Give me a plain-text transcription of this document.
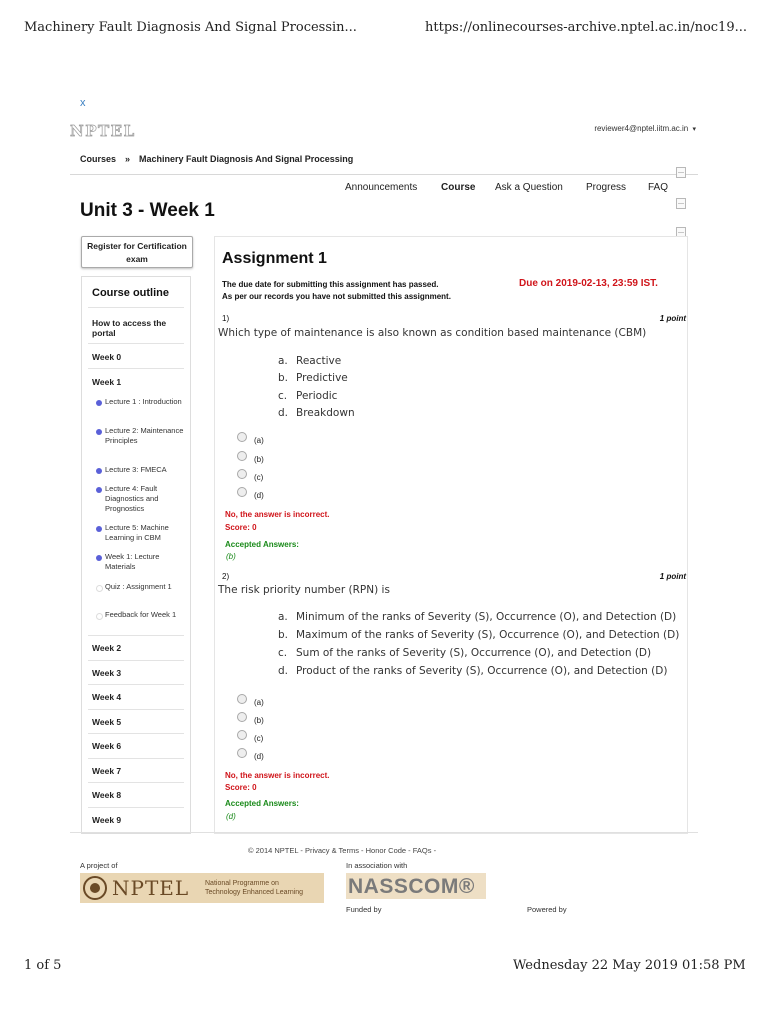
Machinery Fault Diagnosis And Signal Processin...	https://onlinecourses-archive.nptel.ac.in/noc19...
1 of 5	Wednesday 22 May 2019 01:58 PM
x
NPTEL	reviewer4@nptel.iitm.ac.in ▾
Courses » Machinery Fault Diagnosis And Signal Processing
Announcements Course Ask a Question Progress FAQ
Unit 3 - Week 1
Register for Certification exam
Course outline
How to access the portal
Week 0
Week 1
Lecture 1 : Introduction
Lecture 2: Maintenance Principles
Lecture 3: FMECA
Lecture 4: Fault Diagnostics and Prognostics
Lecture 5: Machine Learning in CBM
Week 1: Lecture Materials
Quiz : Assignment 1
Feedback for Week 1
Week 2
Week 3
Week 4
Week 5
Week 6
Week 7
Week 8
Week 9
Assignment 1
The due date for submitting this assignment has passed.
As per our records you have not submitted this assignment.
Due on 2019-02-13, 23:59 IST.
1)	1 point
Which type of maintenance is also known as condition based maintenance (CBM)
a. Reactive
b. Predictive
c. Periodic
d. Breakdown
(a)
(b)
(c)
(d)
No, the answer is incorrect.
Score: 0
Accepted Answers:
(b)
2)	1 point
The risk priority number (RPN) is
a. Minimum of the ranks of Severity (S), Occurrence (O), and Detection (D)
b. Maximum of the ranks of Severity (S), Occurrence (O), and Detection (D)
c. Sum of the ranks of Severity (S), Occurrence (O), and Detection (D)
d. Product of the ranks of Severity (S), Occurrence (O), and Detection (D)
(a)
(b)
(c)
(d)
No, the answer is incorrect.
Score: 0
Accepted Answers:
(d)
© 2014 NPTEL - Privacy & Terms - Honor Code - FAQs -
A project of	In association with
NPTEL National Programme on
Technology Enhanced Learning NASSCOM®
Funded by	Powered by
